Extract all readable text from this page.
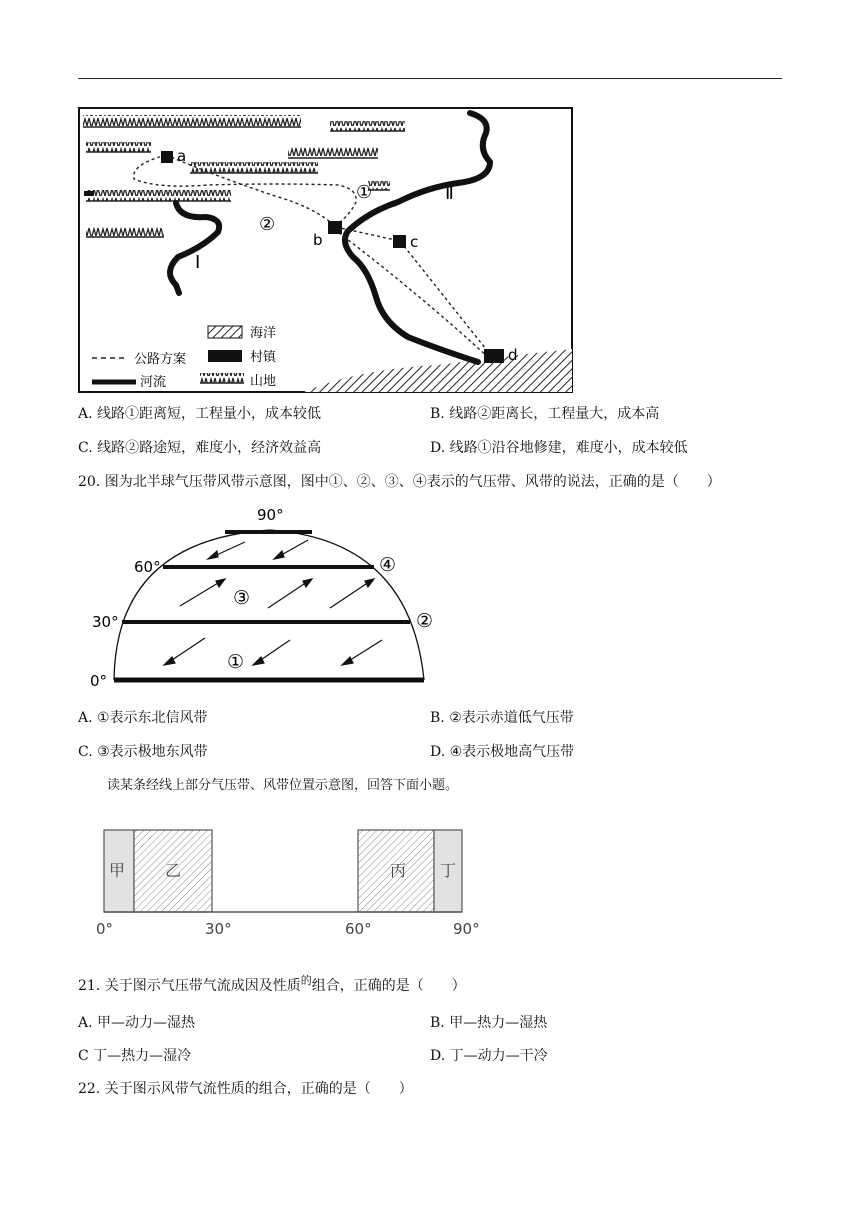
a
b	c
d
①
②
Ⅰ
Ⅱ
海洋
公路方案	村镇
河流	山地
A. 线路①距离短，工程量小，成本较低	B. 线路②距离长，工程量大，成本高
C. 线路②路途短，难度小，经济效益高	D. 线路①沿谷地修建，难度小，成本较低
20. 图为北半球气压带风带示意图，图中①、②、③、④表示的气压带、风带的说法，正确的是（　　）
90°
60°
30°
0°
①
②
③
④
A. ①表示东北信风带	B. ②表示赤道低气压带
C. ③表示极地东风带	D. ④表示极地高气压带
读某条经线上部分气压带、风带位置示意图，回答下面小题。
甲 乙	丙 丁
0°	30°	60°	90°
21. 关于图示气压带气流成因及性质$^的$组合，正确的是（　　）
A. 甲—动力—湿热	B. 甲—热力—湿热
C 丁—热力—湿冷	D. 丁—动力—干冷
22. 关于图示风带气流性质的组合，正确的是（　　）
